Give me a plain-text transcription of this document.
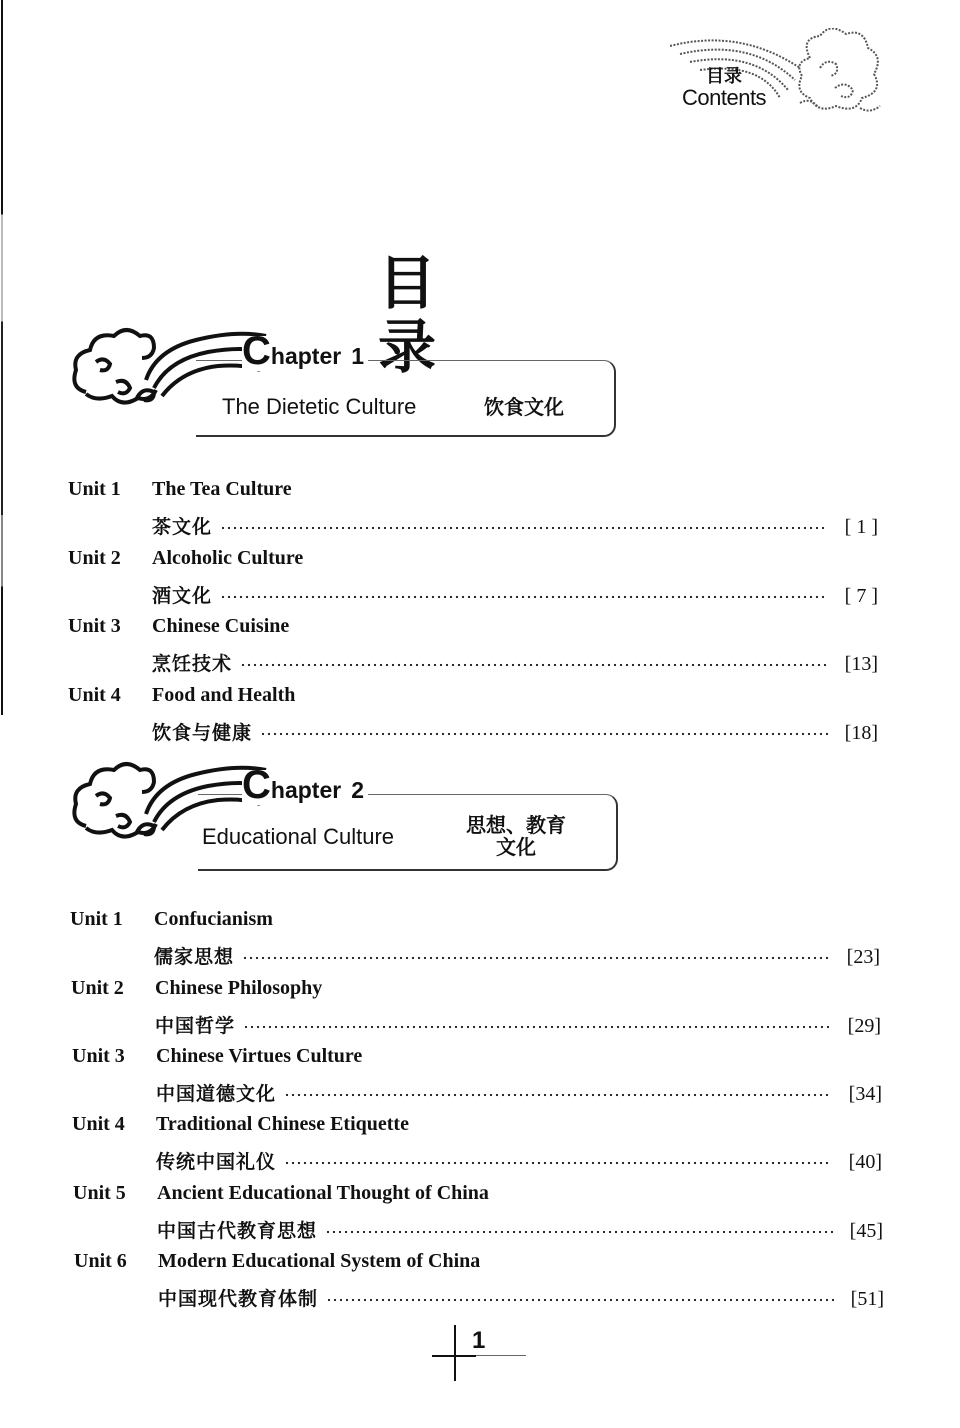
目录
Contents
目录
Chapter 1
The Dietetic Culture	饮食文化
Unit 1 The Tea Culture
茶文化	[ 1 ]
Unit 2 Alcoholic Culture
酒文化	[ 7 ]
Unit 3 Chinese Cuisine
烹饪技术	[13]
Unit 4 Food and Health
饮食与健康	[18]
Chapter 2
Educational Culture	思想、教育
文化
Unit 1 Confucianism
儒家思想	[23]
Unit 2 Chinese Philosophy
中国哲学	[29]
Unit 3 Chinese Virtues Culture
中国道德文化	[34]
Unit 4 Traditional Chinese Etiquette
传统中国礼仪	[40]
Unit 5 Ancient Educational Thought of China
中国古代教育思想	[45]
Unit 6 Modern Educational System of China
中国现代教育体制	[51]
1
